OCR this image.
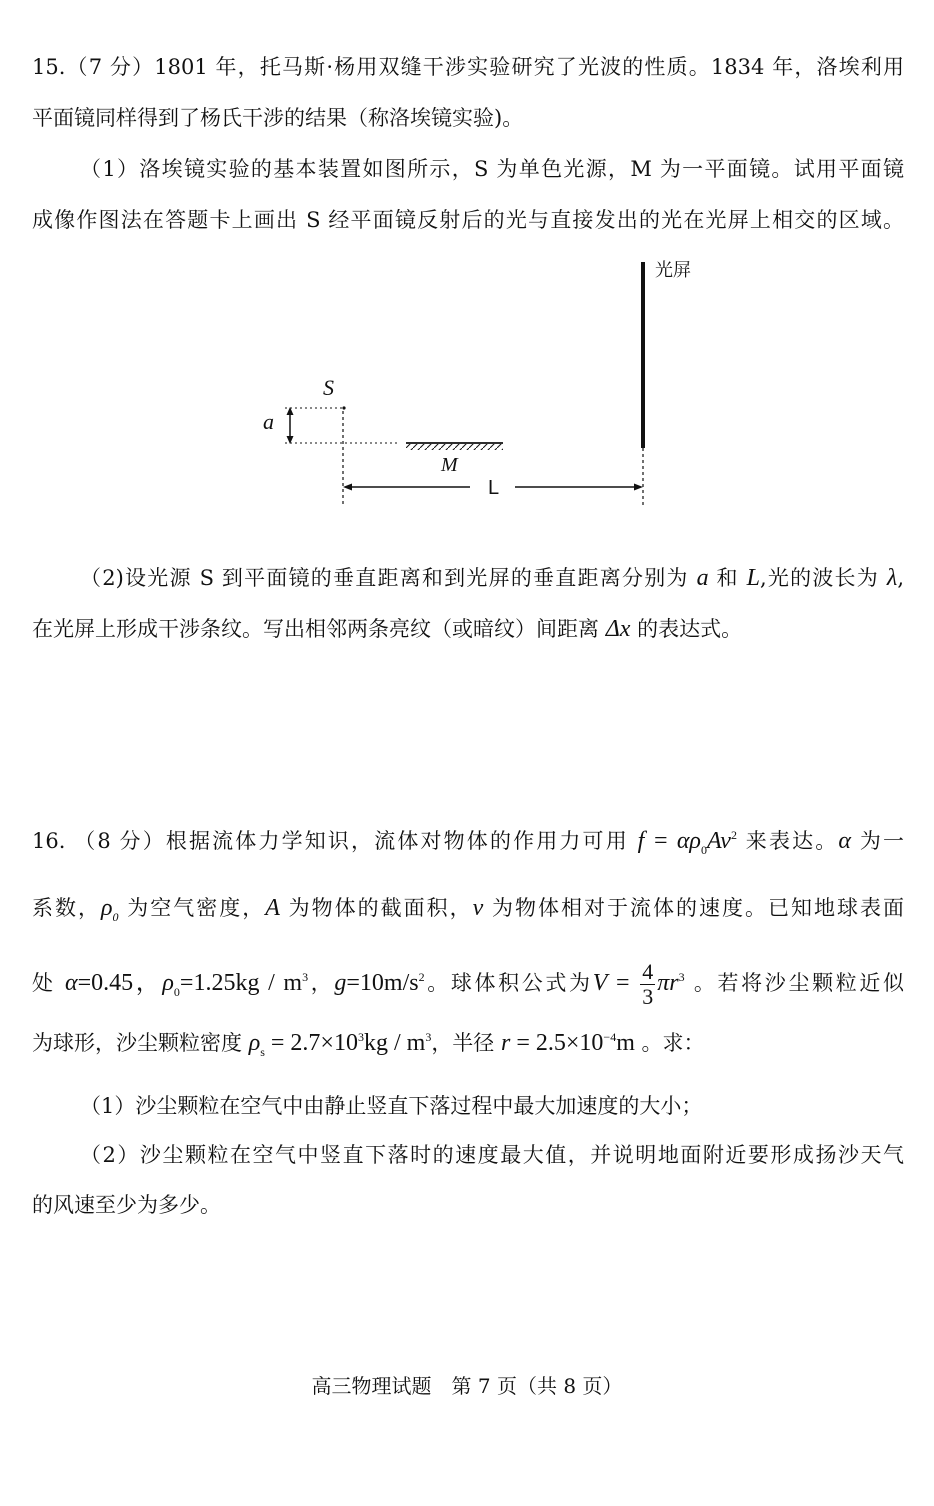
15.（7 分）1801 年，托马斯·杨用双缝干涉实验研究了光波的性质。1834 年，洛埃利用
平面镜同样得到了杨氏干涉的结果（称洛埃镜实验)。
（1）洛埃镜实验的基本装置如图所示，S 为单色光源，M 为一平面镜。试用平面镜
成像作图法在答题卡上画出 S 经平面镜反射后的光与直接发出的光在光屏上相交的区域。
光屏
S
a
M
L
（2)设光源 S 到平面镜的垂直距离和到光屏的垂直距离分别为 a 和 L,光的波长为 λ,
在光屏上形成干涉条纹。写出相邻两条亮纹（或暗纹）间距离 Δx 的表达式。
16. （8 分）根据流体力学知识，流体对物体的作用力可用 $f = \alpha\rho_0Av^2$ 来表达。α 为一
系数，$\rho_0$ 为空气密度，A 为物体的截面积，v 为物体相对于流体的速度。已知地球表面
处 α=0.45，$\rho_0=1.25kg / m^3$，$g=10m/s^2$。球体积公式为$V = \frac{4}{3} \pi r^3$ 。若将沙尘颗粒近似
为球形，沙尘颗粒密度 $\rho_s = 2.7\times 10^3kg / m^3$，半径 $r = 2.5\times 10^{-4}m$ 。求：
（1）沙尘颗粒在空气中由静止竖直下落过程中最大加速度的大小；
（2）沙尘颗粒在空气中竖直下落时的速度最大值，并说明地面附近要形成扬沙天气
的风速至少为多少。
高三物理试题　第 7 页（共 8 页）
